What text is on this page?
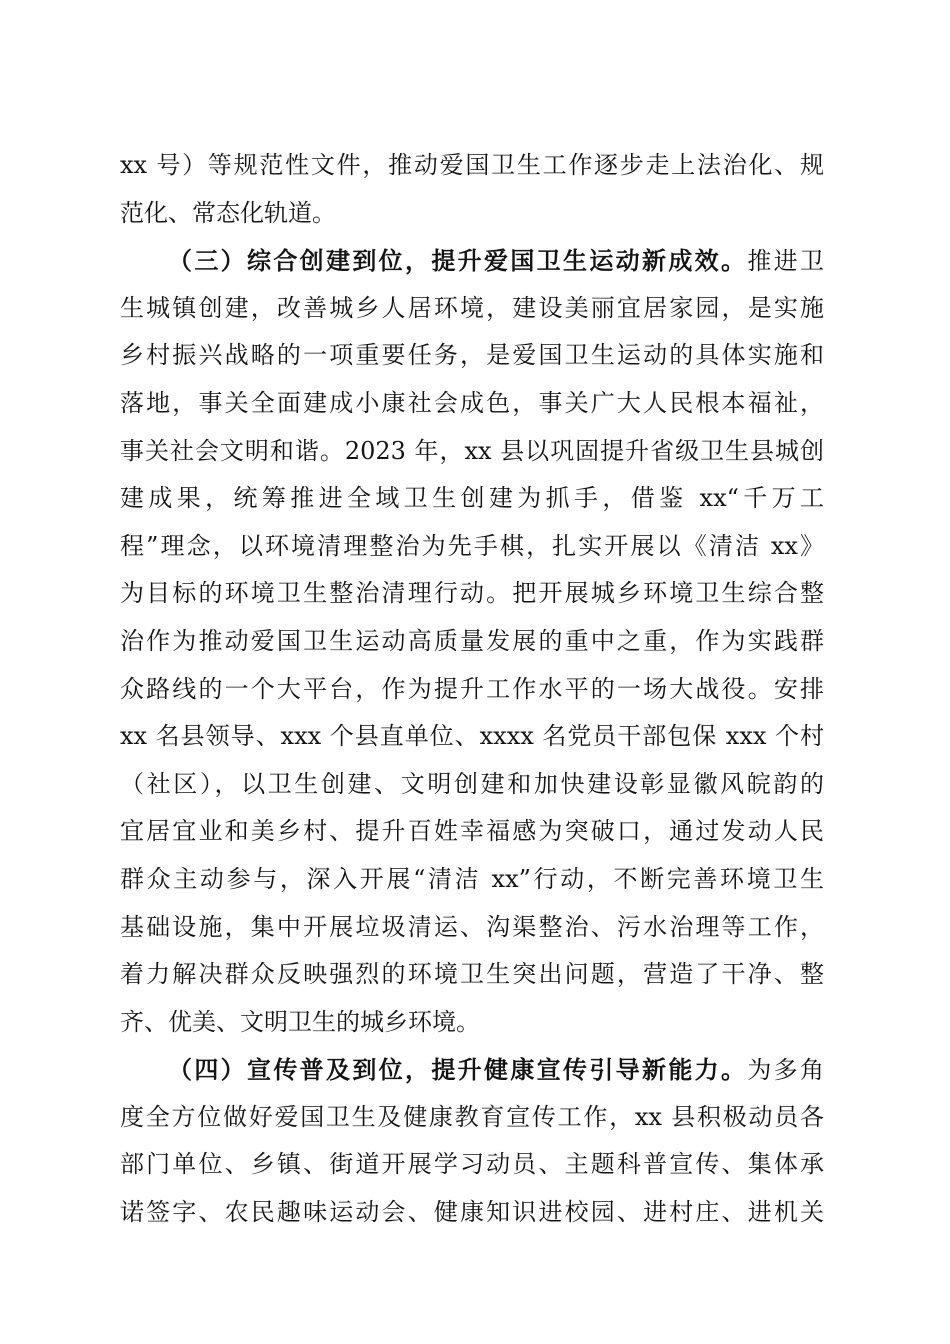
xx 号）等规范性文件，推动爱国卫生工作逐步走上法治化、规
范化、常态化轨道。
（三）综合创建到位，提升爱国卫生运动新成效。推进卫
生城镇创建，改善城乡人居环境，建设美丽宜居家园，是实施
乡村振兴战略的一项重要任务，是爱国卫生运动的具体实施和
落地，事关全面建成小康社会成色，事关广大人民根本福祉，
事关社会文明和谐。2023 年，xx 县以巩固提升省级卫生县城创
建成果，统筹推进全域卫生创建为抓手，借鉴 xx“千万工
程”理念，以环境清理整治为先手棋，扎实开展以《清洁 xx》
为目标的环境卫生整治清理行动。把开展城乡环境卫生综合整
治作为推动爱国卫生运动高质量发展的重中之重，作为实践群
众路线的一个大平台，作为提升工作水平的一场大战役。安排
xx 名县领导、xxx 个县直单位、xxxx 名党员干部包保 xxx 个村
（社区），以卫生创建、文明创建和加快建设彰显徽风皖韵的
宜居宜业和美乡村、提升百姓幸福感为突破口，通过发动人民
群众主动参与，深入开展“清洁 xx”行动，不断完善环境卫生
基础设施，集中开展垃圾清运、沟渠整治、污水治理等工作，
着力解决群众反映强烈的环境卫生突出问题，营造了干净、整
齐、优美、文明卫生的城乡环境。
（四）宣传普及到位，提升健康宣传引导新能力。为多角
度全方位做好爱国卫生及健康教育宣传工作，xx 县积极动员各
部门单位、乡镇、街道开展学习动员、主题科普宣传、集体承
诺签字、农民趣味运动会、健康知识进校园、进村庄、进机关
